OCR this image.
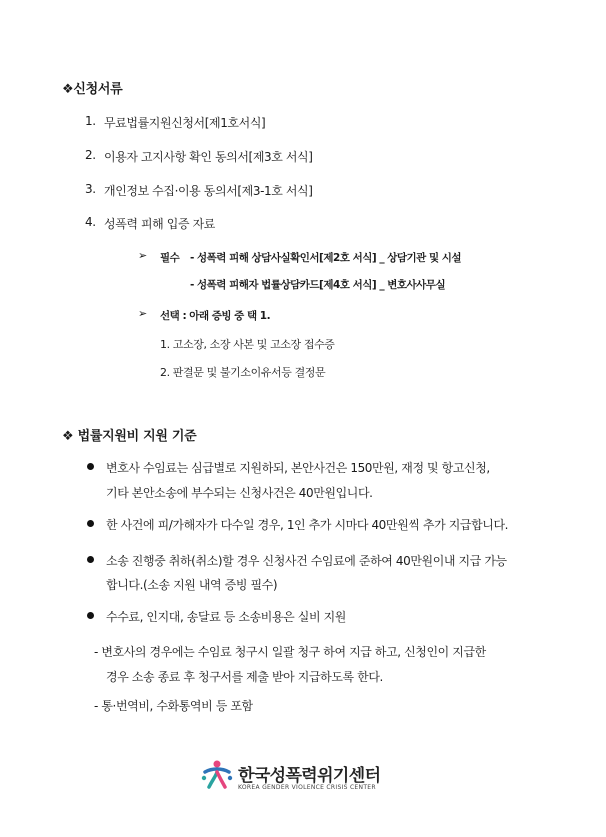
❖신청서류
1. 무료법률지원신청서[제1호서식]
2. 이용자 고지사항 확인 동의서[제3호 서식]
3. 개인정보 수집·이용 동의서[제3-1호 서식]
4. 성폭력 피해 입증 자료
➢ 필수 - 성폭력 피해 상담사실확인서[제2호 서식] _ 상담기관 및 시설
- 성폭력 피해자 법률상담카드[제4호 서식] _ 변호사사무실
➢ 선택 : 아래 증빙 중 택 1.
1. 고소장, 소장 사본 및 고소장 접수증
2. 판결문 및 불기소이유서등 결정문
❖ 법률지원비 지원 기준
변호사 수임료는 심급별로 지원하되, 본안사건은 150만원, 재정 및 항고신청,
기타 본안소송에 부수되는 신청사건은 40만원입니다.
한 사건에 피/가해자가 다수일 경우, 1인 추가 시마다 40만원씩 추가 지급합니다.
소송 진행중 취하(취소)할 경우 신청사건 수임료에 준하여 40만원이내 지급 가능
합니다.(소송 지원 내역 증빙 필수)
수수료, 인지대, 송달료 등 소송비용은 실비 지원
- 변호사의 경우에는 수임료 청구시 일괄 청구 하여 지급 하고, 신청인이 지급한
경우 소송 종료 후 청구서를 제출 받아 지급하도록 한다.
- 통·번역비, 수화통역비 등 포함
한국성폭력위기센터
KOREA GENDER VIOLENCE CRISIS CENTER
